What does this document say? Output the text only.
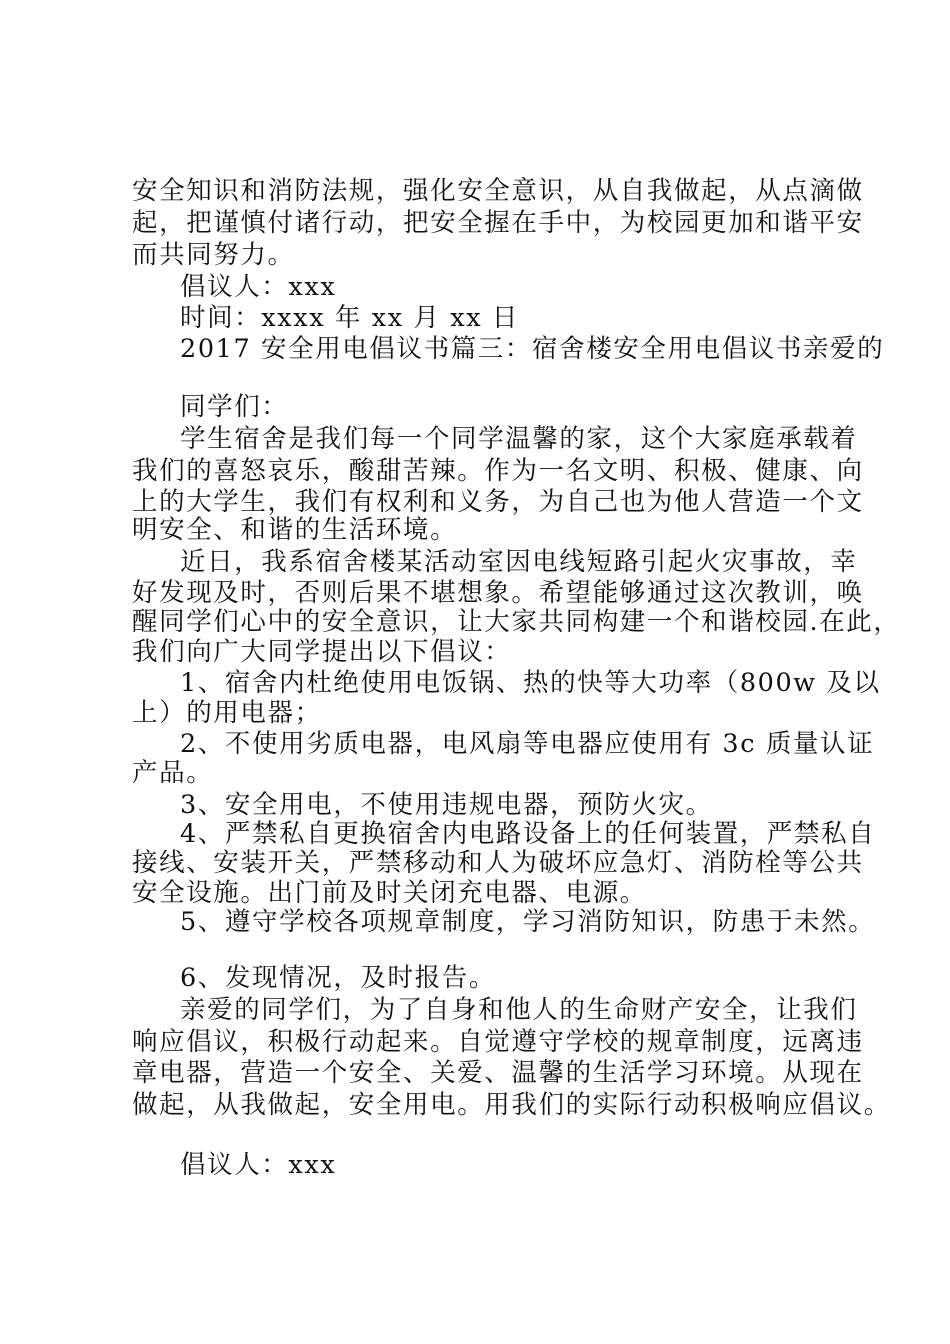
安全知识和消防法规，强化安全意识，从自我做起，从点滴做

起，把谨慎付诸行动，把安全握在手中，为校园更加和谐平安

而共同努力。

倡议人：xxx

时间：xxxx 年 xx 月 xx 日

2017 安全用电倡议书篇三：宿舍楼安全用电倡议书亲爱的

同学们：

学生宿舍是我们每一个同学温馨的家，这个大家庭承载着

我们的喜怒哀乐，酸甜苦辣。作为一名文明、积极、健康、向

上的大学生，我们有权利和义务，为自己也为他人营造一个文

明安全、和谐的生活环境。

近日，我系宿舍楼某活动室因电线短路引起火灾事故，幸

好发现及时，否则后果不堪想象。希望能够通过这次教训，唤

醒同学们心中的安全意识，让大家共同构建一个和谐校园.在此，

我们向广大同学提出以下倡议：

1、宿舍内杜绝使用电饭锅、热的快等大功率（800w 及以

上）的用电器；

2、不使用劣质电器，电风扇等电器应使用有 3c 质量认证

产品。

3、安全用电，不使用违规电器，预防火灾。

4、严禁私自更换宿舍内电路设备上的任何装置，严禁私自

接线、安装开关，严禁移动和人为破坏应急灯、消防栓等公共

安全设施。出门前及时关闭充电器、电源。

5、遵守学校各项规章制度，学习消防知识，防患于未然。

6、发现情况，及时报告。

亲爱的同学们，为了自身和他人的生命财产安全，让我们

响应倡议，积极行动起来。自觉遵守学校的规章制度，远离违

章电器，营造一个安全、关爱、温馨的生活学习环境。从现在

做起，从我做起，安全用电。用我们的实际行动积极响应倡议。

倡议人：xxx
